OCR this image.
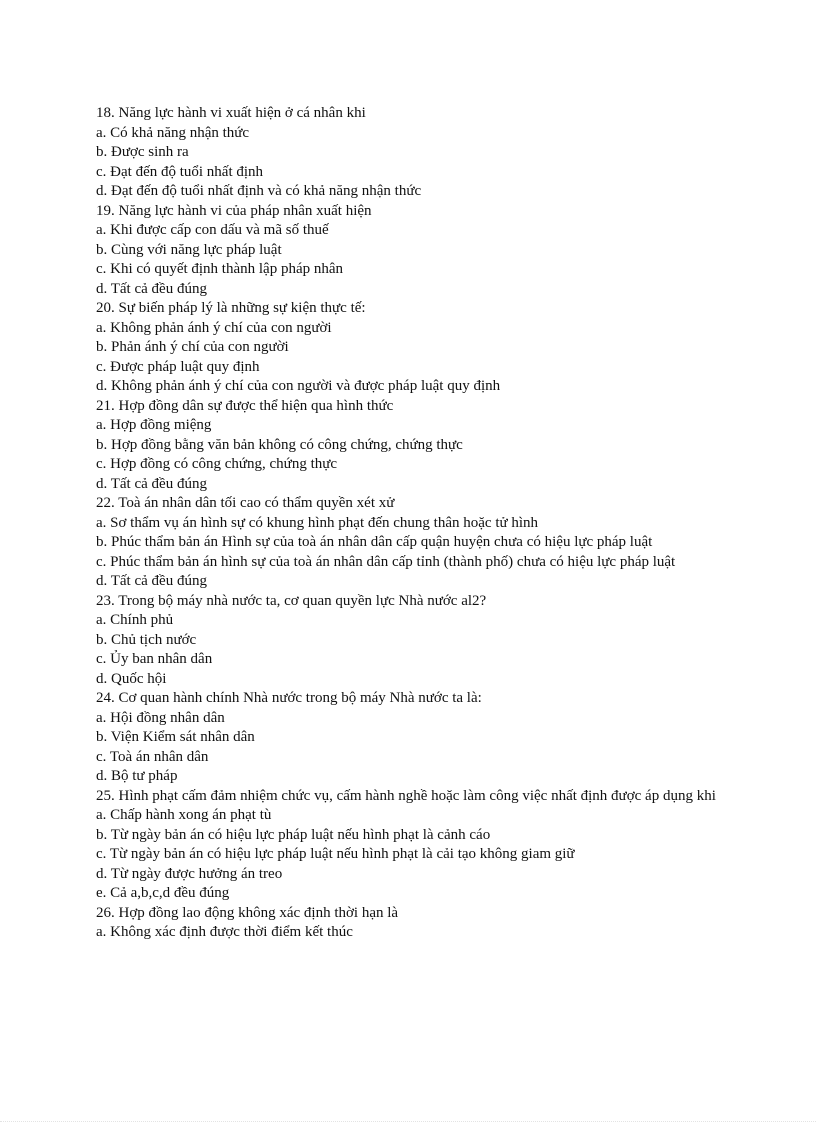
18. Năng lực hành vi xuất hiện ở cá nhân khi
a. Có khả năng nhận thức
b. Được sinh ra
c. Đạt đến độ tuổi nhất định
d. Đạt đến độ tuổi nhất định và có khả năng nhận thức
19. Năng lực hành vi của pháp nhân xuất hiện
a. Khi được cấp con dấu và mã số thuế
b. Cùng với năng lực pháp luật
c. Khi có quyết định thành lập pháp nhân
d. Tất cả đều đúng
20. Sự biến pháp lý là những sự kiện thực tế:
a. Không phản ánh ý chí của con người
b. Phản ánh ý chí của con người
c. Được pháp luật quy định
d. Không phản ánh ý chí của con người và được pháp luật quy định
21. Hợp đồng dân sự được thể hiện qua hình thức
a. Hợp đồng miệng
b. Hợp đồng bằng văn bản không có công chứng, chứng thực
c. Hợp đồng có công chứng, chứng thực
d. Tất cả đều đúng
22. Toà án nhân dân tối cao có thẩm quyền xét xử
a. Sơ thẩm vụ án hình sự có khung hình phạt đến chung thân hoặc tử hình
b. Phúc thẩm bản án Hình sự của toà án nhân dân cấp quận huyện chưa có hiệu lực pháp luật
c. Phúc thẩm bản án hình sự của toà án nhân dân cấp tỉnh (thành phố) chưa có hiệu lực pháp luật
d. Tất cả đều đúng
23. Trong bộ máy nhà nước ta, cơ quan quyền lực Nhà nước al2?
a. Chính phủ
b. Chủ tịch nước
c. Ủy ban nhân dân
d. Quốc hội
24. Cơ quan hành chính Nhà nước trong bộ máy Nhà nước ta là:
a. Hội đồng nhân dân
b. Viện Kiểm sát nhân dân
c. Toà án nhân dân
d. Bộ tư pháp
25. Hình phạt cấm đảm nhiệm chức vụ, cấm hành nghề hoặc làm công việc nhất định được áp dụng khi
a. Chấp hành xong án phạt tù
b. Từ ngày bản án có hiệu lực pháp luật nếu hình phạt là cảnh cáo
c. Từ ngày bản án có hiệu lực pháp luật nếu hình phạt là cải tạo không giam giữ
d. Từ ngày được hưởng án treo
e. Cả a,b,c,d đều đúng
26. Hợp đồng lao động không xác định thời hạn là
a. Không xác định được thời điểm kết thúc
